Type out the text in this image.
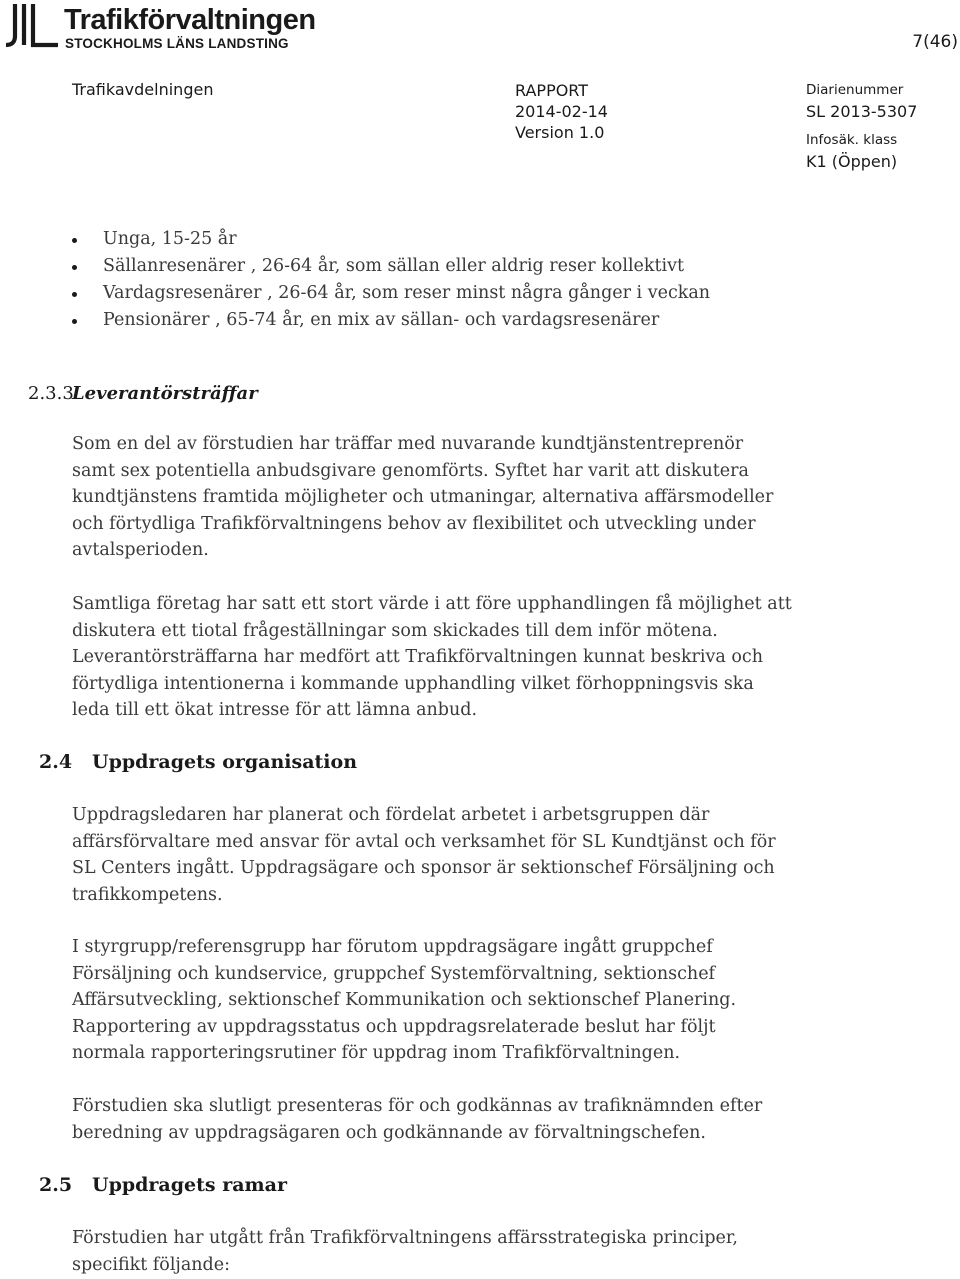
Trafikförvaltningen
STOCKHOLMS LÄNS LANDSTING	7(46)
Trafikavdelningen	RAPPORT
2014-02-14
Version 1.0
Diarienummer
SL 2013-5307
Infosäk. klass
K1 (Öppen)
Unga, 15-25 år
Sällanresenärer , 26-64 år, som sällan eller aldrig reser kollektivt
Vardagsresenärer , 26-64 år, som reser minst några gånger i veckan
Pensionärer , 65-74 år, en mix av sällan- och vardagsresenärer
2.3.3Leverantörsträffar
Som en del av förstudien har träffar med nuvarande kundtjänstentreprenör
samt sex potentiella anbudsgivare genomförts. Syftet har varit att diskutera
kundtjänstens framtida möjligheter och utmaningar, alternativa affärsmodeller
och förtydliga Trafikförvaltningens behov av flexibilitet och utveckling under
avtalsperioden.
Samtliga företag har satt ett stort värde i att före upphandlingen få möjlighet att
diskutera ett tiotal frågeställningar som skickades till dem inför mötena.
Leverantörsträffarna har medfört att Trafikförvaltningen kunnat beskriva och
förtydliga intentionerna i kommande upphandling vilket förhoppningsvis ska
leda till ett ökat intresse för att lämna anbud.
2.4 Uppdragets organisation
Uppdragsledaren har planerat och fördelat arbetet i arbetsgruppen där
affärsförvaltare med ansvar för avtal och verksamhet för SL Kundtjänst och för
SL Centers ingått. Uppdragsägare och sponsor är sektionschef Försäljning och
trafikkompetens.
I styrgrupp/referensgrupp har förutom uppdragsägare ingått gruppchef
Försäljning och kundservice, gruppchef Systemförvaltning, sektionschef
Affärsutveckling, sektionschef Kommunikation och sektionschef Planering.
Rapportering av uppdragsstatus och uppdragsrelaterade beslut har följt
normala rapporteringsrutiner för uppdrag inom Trafikförvaltningen.
Förstudien ska slutligt presenteras för och godkännas av trafiknämnden efter
beredning av uppdragsägaren och godkännande av förvaltningschefen.
2.5 Uppdragets ramar
Förstudien har utgått från Trafikförvaltningens affärsstrategiska principer,
specifikt följande:
